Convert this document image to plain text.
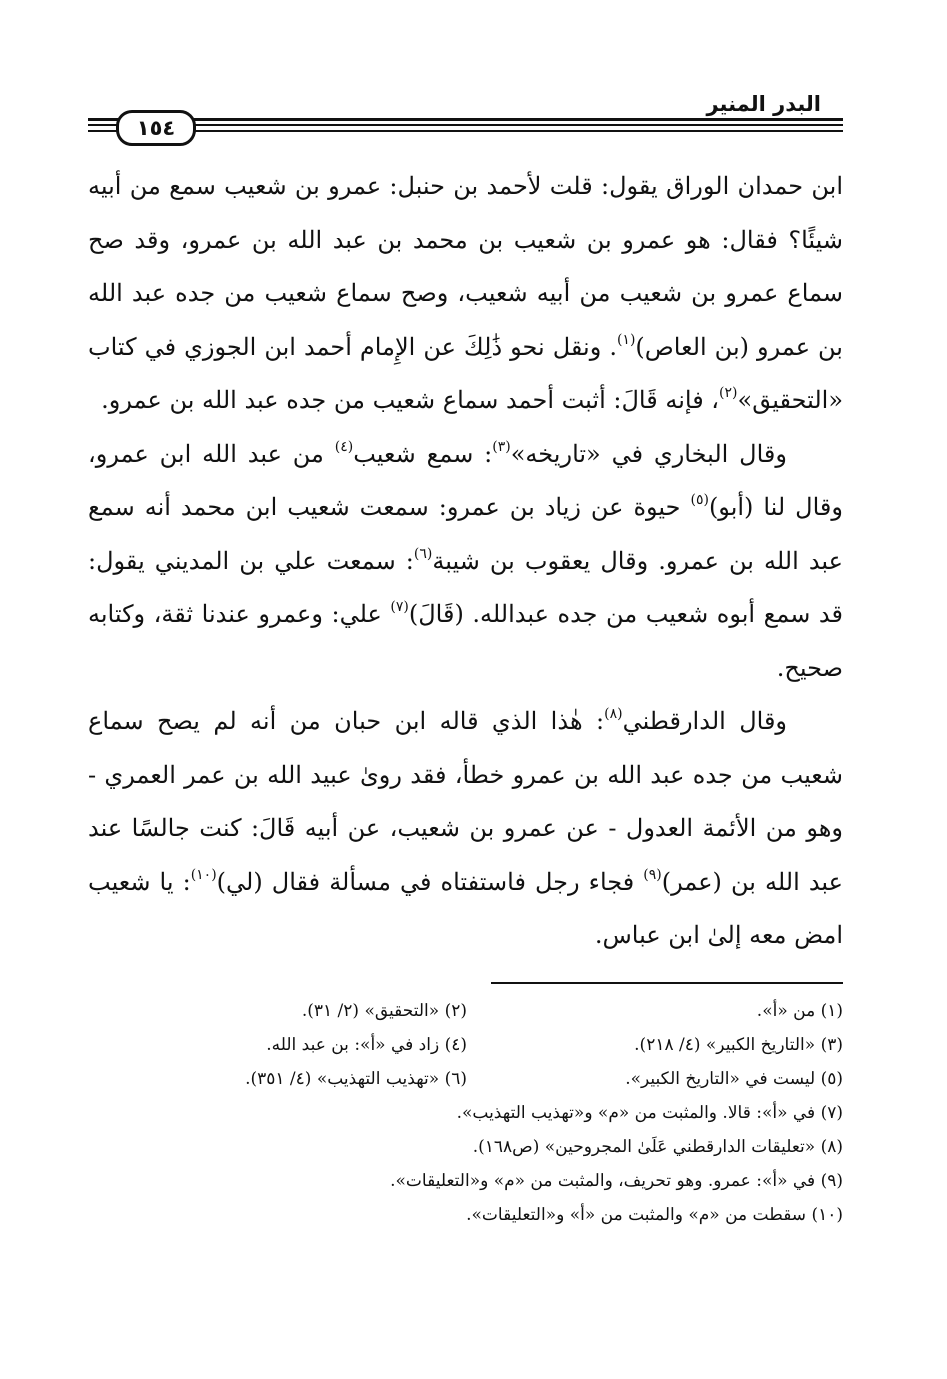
البدر المنير
١٥٤

ابن حمدان الوراق يقول: قلت لأحمد بن حنبل: عمرو بن شعيب سمع من أبيه شيئًا؟ فقال: هو عمرو بن شعيب بن محمد بن عبد الله بن عمرو، وقد صح سماع عمرو بن شعيب من أبيه شعيب، وصح سماع شعيب من جده عبد الله بن عمرو (بن العاص)$^{(١)}$. ونقل نحو ذَٰلِكَ عن الإِمام أحمد ابن الجوزي في كتاب «التحقيق»$^{(٢)}$، فإنه قَالَ: أثبت أحمد سماع شعيب من جده عبد الله بن عمرو.

وقال البخاري في «تاريخه»$^{(٣)}$: سمع شعيب$^{(٤)}$ من عبد الله ابن عمرو، وقال لنا (أبو)$^{(٥)}$ حيوة عن زياد بن عمرو: سمعت شعيب ابن محمد أنه سمع عبد الله بن عمرو. وقال يعقوب بن شيبة$^{(٦)}$: سمعت علي بن المديني يقول: قد سمع أبوه شعيب من جده عبدالله. (قَالَ)$^{(٧)}$ علي: وعمرو عندنا ثقة، وكتابه صحيح.

وقال الدارقطني$^{(٨)}$: هٰذا الذي قاله ابن حبان من أنه لم يصح سماع شعيب من جده عبد الله بن عمرو خطأ، فقد روىٰ عبيد الله بن عمر العمري - وهو من الأئمة العدول - عن عمرو بن شعيب، عن أبيه قَالَ: كنت جالسًا عند عبد الله بن (عمر)$^{(٩)}$ فجاء رجل فاستفتاه في مسألة فقال (لي)$^{(١٠)}$: يا شعيب امض معه إلىٰ ابن عباس.

(١) من «أ».
(٢) «التحقيق» (٢/ ٣١).
(٣) «التاريخ الكبير» (٤/ ٢١٨).
(٤) زاد في «أ»: بن عبد الله.
(٥) ليست في «التاريخ الكبير».
(٦) «تهذيب التهذيب» (٤/ ٣٥١).
(٧) في «أ»: قالا. والمثبت من «م» و«تهذيب التهذيب».
(٨) «تعليقات الدارقطني عَلَىٰ المجروحين» (ص١٦٨).
(٩) في «أ»: عمرو. وهو تحريف، والمثبت من «م» و«التعليقات».
(١٠) سقطت من «م» والمثبت من «أ» و«التعليقات».
